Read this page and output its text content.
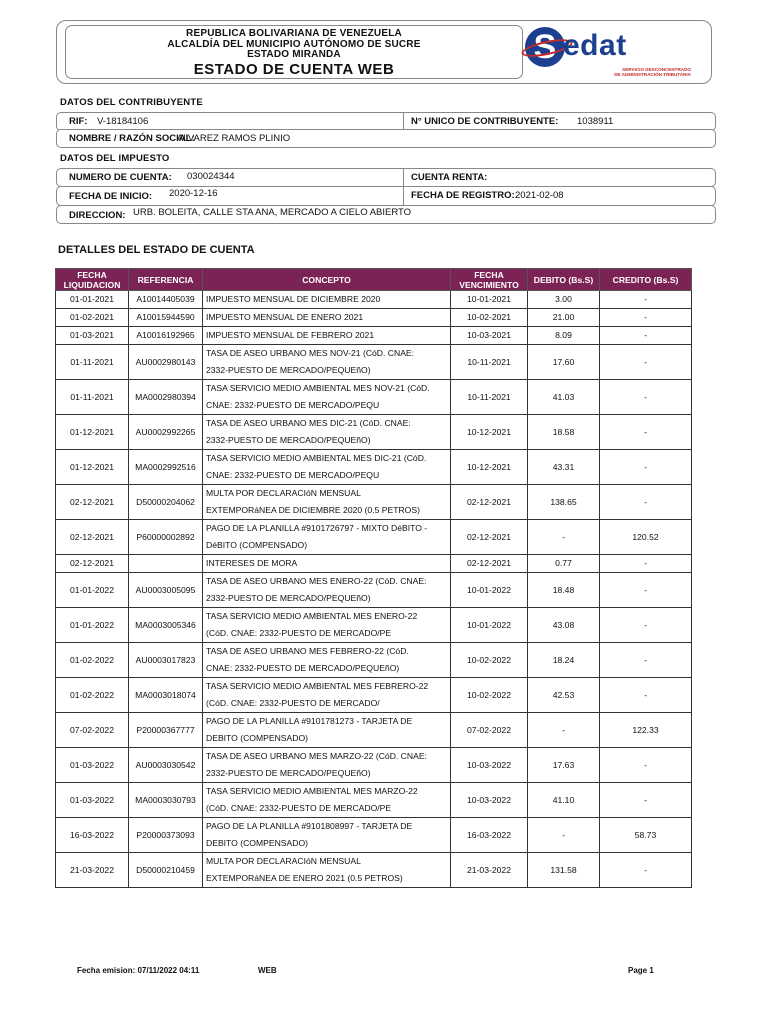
REPUBLICA BOLIVARIANA DE VENEZUELA
ALCALDÍA DEL MUNICIPIO AUTÓNOMO DE SUCRE
ESTADO MIRANDA
ESTADO DE CUENTA WEB
S edat
SERVICIO DESCONCENTRADO
DE ADMINISTRACIÓN TRIBUTARIA
DATOS DEL CONTRIBUYENTE
RIF: V-18184106	N° UNICO DE CONTRIBUYENTE: 1038911
NOMBRE / RAZÓN SOCIAL:
ALVAREZ RAMOS PLINIO
DATOS DEL IMPUESTO
NUMERO DE CUENTA: 030024344	CUENTA RENTA:
FECHA DE INICIO: 2020-12-16	FECHA DE REGISTRO: 2021-02-08
DIRECCION: URB. BOLEITA, CALLE STA ANA, MERCADO A CIELO ABIERTO
DETALLES DEL ESTADO DE CUENTA
FECHA LIQUIDACION	REFERENCIA	CONCEPTO	FECHA VENCIMIENTO	DEBITO (Bs.S)	CREDITO (Bs.S)
01-01-2021	A10014405039	IMPUESTO MENSUAL DE DICIEMBRE 2020	10-01-2021	3.00	-
01-02-2021	A10015944590	IMPUESTO MENSUAL DE ENERO 2021	10-02-2021	21.00	-
01-03-2021	A10016192965	IMPUESTO MENSUAL DE FEBRERO 2021	10-03-2021	8.09	-
01-11-2021	AU0002980143	TASA DE ASEO URBANO MES NOV-21 (CóD. CNAE:
2332-PUESTO DE MERCADO/PEQUEñO)	10-11-2021	17.60	-
01-11-2021	MA0002980394	TASA SERVICIO MEDIO AMBIENTAL MES NOV-21 (CóD.
CNAE: 2332-PUESTO DE MERCADO/PEQU	10-11-2021	41.03	-
01-12-2021	AU0002992265	TASA DE ASEO URBANO MES DIC-21 (CóD. CNAE:
2332-PUESTO DE MERCADO/PEQUEñO)	10-12-2021	18.58	-
01-12-2021	MA0002992516	TASA SERVICIO MEDIO AMBIENTAL MES DIC-21 (CóD.
CNAE: 2332-PUESTO DE MERCADO/PEQU	10-12-2021	43.31	-
02-12-2021	D50000204062	MULTA POR DECLARACIóN MENSUAL
EXTEMPORáNEA DE DICIEMBRE 2020 (0.5 PETROS)	02-12-2021	138.65	-
02-12-2021	P60000002892	PAGO DE LA PLANILLA #9101726797 - MIXTO DéBITO -
DéBITO (COMPENSADO)	02-12-2021	-	120.52
02-12-2021		INTERESES DE MORA	02-12-2021	0.77	-
01-01-2022	AU0003005095	TASA DE ASEO URBANO MES ENERO-22 (CóD. CNAE:
2332-PUESTO DE MERCADO/PEQUEñO)	10-01-2022	18.48	-
01-01-2022	MA0003005346	TASA SERVICIO MEDIO AMBIENTAL MES ENERO-22
(CóD. CNAE: 2332-PUESTO DE MERCADO/PE	10-01-2022	43.08	-
01-02-2022	AU0003017823	TASA DE ASEO URBANO MES FEBRERO-22 (CóD.
CNAE: 2332-PUESTO DE MERCADO/PEQUEñO)	10-02-2022	18.24	-
01-02-2022	MA0003018074	TASA SERVICIO MEDIO AMBIENTAL MES FEBRERO-22
(CóD. CNAE: 2332-PUESTO DE MERCADO/	10-02-2022	42.53	-
07-02-2022	P20000367777	PAGO DE LA PLANILLA #9101781273 - TARJETA DE
DEBITO (COMPENSADO)	07-02-2022	-	122.33
01-03-2022	AU0003030542	TASA DE ASEO URBANO MES MARZO-22 (CóD. CNAE:
2332-PUESTO DE MERCADO/PEQUEñO)	10-03-2022	17.63	-
01-03-2022	MA0003030793	TASA SERVICIO MEDIO AMBIENTAL MES MARZO-22
(CóD. CNAE: 2332-PUESTO DE MERCADO/PE	10-03-2022	41.10	-
16-03-2022	P20000373093	PAGO DE LA PLANILLA #9101808997 - TARJETA DE
DEBITO (COMPENSADO)	16-03-2022	-	58.73
21-03-2022	D50000210459	MULTA POR DECLARACIóN MENSUAL
EXTEMPORáNEA DE ENERO 2021 (0.5 PETROS)	21-03-2022	131.58	-
Fecha emision: 07/11/2022 04:11	WEB	Page 1
